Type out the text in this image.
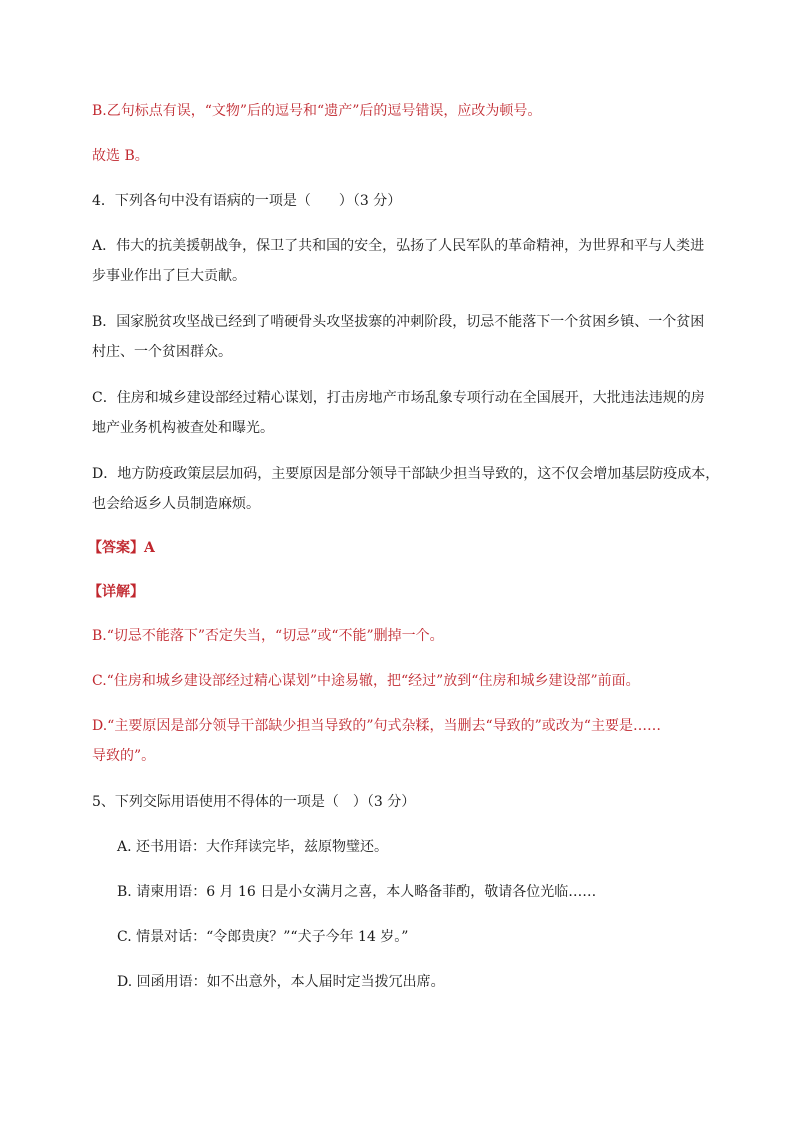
B.乙句标点有误，“文物”后的逗号和“遗产”后的逗号错误，应改为顿号。
故选 B。
4．下列各句中没有语病的一项是（　　）（3 分）
A．伟大的抗美援朝战争，保卫了共和国的安全，弘扬了人民军队的革命精神，为世界和平与人类进
步事业作出了巨大贡献。
B．国家脱贫攻坚战已经到了啃硬骨头攻坚拔寨的冲刺阶段，切忌不能落下一个贫困乡镇、一个贫困
村庄、一个贫困群众。
C．住房和城乡建设部经过精心谋划，打击房地产市场乱象专项行动在全国展开，大批违法违规的房
地产业务机构被查处和曝光。
D．地方防疫政策层层加码，主要原因是部分领导干部缺少担当导致的，这不仅会增加基层防疫成本，
也会给返乡人员制造麻烦。
【答案】A
【详解】
B.“切忌不能落下”否定失当，“切忌”或“不能”删掉一个。
C.“住房和城乡建设部经过精心谋划”中途易辙，把“经过”放到“住房和城乡建设部”前面。
D.“主要原因是部分领导干部缺少担当导致的”句式杂糅，当删去“导致的”或改为“主要是……
导致的”。
5、下列交际用语使用不得体的一项是（　）（3 分）
A. 还书用语：大作拜读完毕，兹原物璧还。
B. 请柬用语：6 月 16 日是小女满月之喜，本人略备菲酌，敬请各位光临……
C. 情景对话：“令郎贵庚？”“犬子今年 14 岁。”
D. 回函用语：如不出意外，本人届时定当拨冗出席。
